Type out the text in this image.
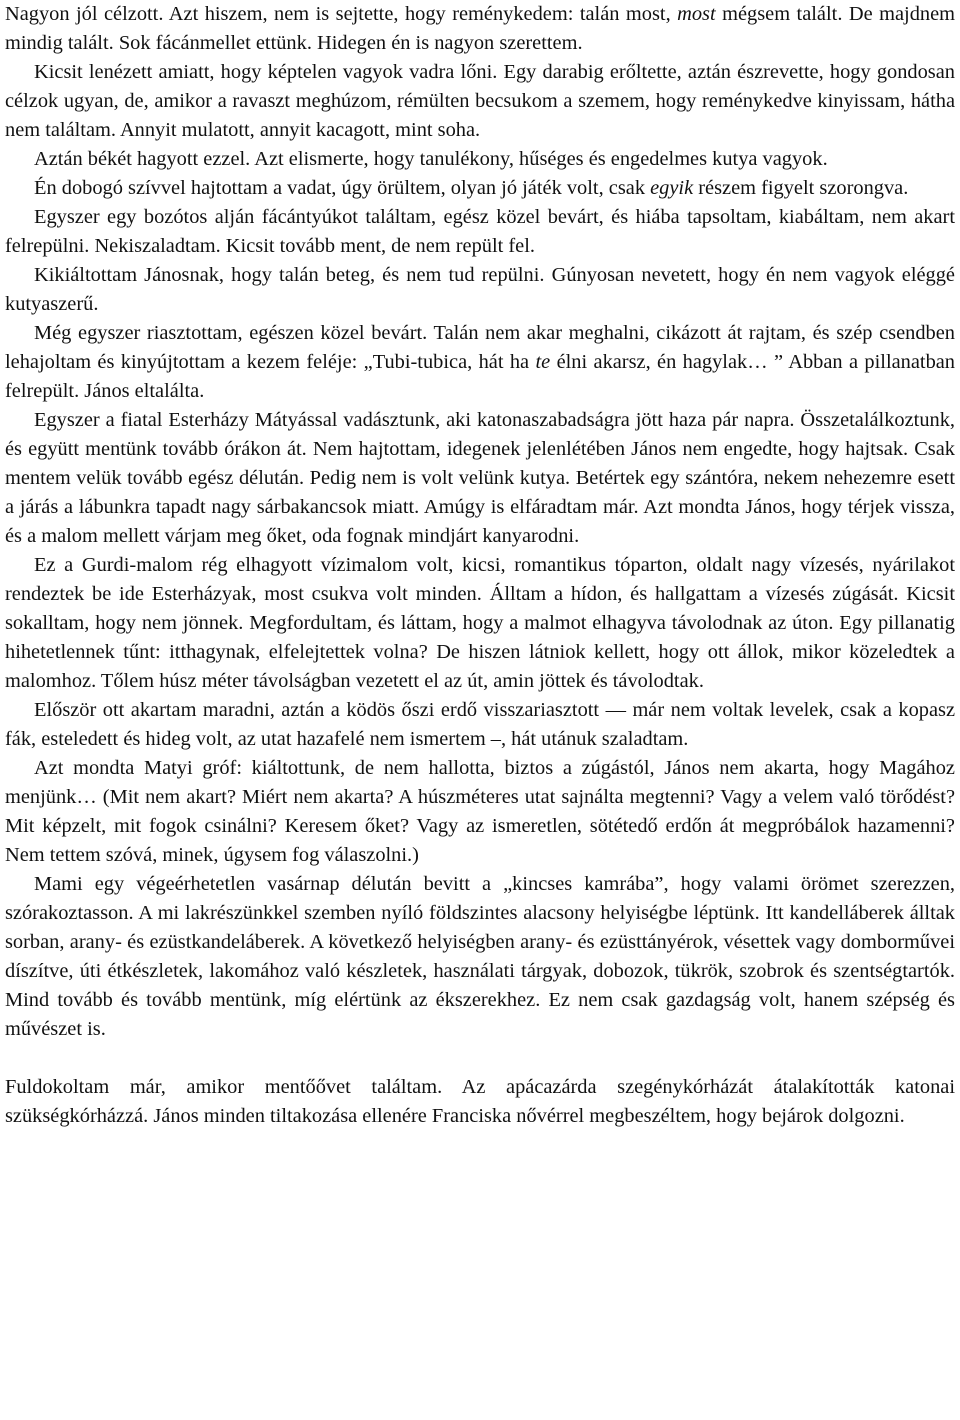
Nagyon jól célzott. Azt hiszem, nem is sejtette, hogy reménykedem: talán most, most mégsem talált. De majdnem mindig talált. Sok fácánmellet ettünk. Hidegen én is nagyon szerettem.

Kicsit lenézett amiatt, hogy képtelen vagyok vadra lőni. Egy darabig erőltette, aztán észrevette, hogy gondosan célzok ugyan, de, amikor a ravaszt meghúzom, rémülten becsukom a szemem, hogy reménykedve kinyissam, hátha nem találtam. Annyit mulatott, annyit kacagott, mint soha.

Aztán békét hagyott ezzel. Azt elismerte, hogy tanulékony, hűséges és engedelmes kutya vagyok.

Én dobogó szívvel hajtottam a vadat, úgy örültem, olyan jó játék volt, csak egyik részem figyelt szorongva.

Egyszer egy bozótos alján fácántyúkot találtam, egész közel bevárt, és hiába tapsoltam, kiabáltam, nem akart felrepülni. Nekiszaladtam. Kicsit tovább ment, de nem repült fel.

Kikiáltottam Jánosnak, hogy talán beteg, és nem tud repülni. Gúnyosan nevetett, hogy én nem vagyok eléggé kutyaszerű.

Még egyszer riasztottam, egészen közel bevárt. Talán nem akar meghalni, cikázott át rajtam, és szép csendben lehajoltam és kinyújtottam a kezem feléje: „Tubi-tubica, hát ha te élni akarsz, én hagylak… ” Abban a pillanatban felrepült. János eltalálta.

Egyszer a fiatal Esterházy Mátyással vadásztunk, aki katonaszabadságra jött haza pár napra. Összetalálkoztunk, és együtt mentünk tovább órákon át. Nem hajtottam, idegenek jelenlétében János nem engedte, hogy hajtsak. Csak mentem velük tovább egész délután. Pedig nem is volt velünk kutya. Betértek egy szántóra, nekem nehezemre esett a járás a lábunkra tapadt nagy sárbakancsok miatt. Amúgy is elfáradtam már. Azt mondta János, hogy térjek vissza, és a malom mellett várjam meg őket, oda fognak mindjárt kanyarodni.

Ez a Gurdi-malom rég elhagyott vízimalom volt, kicsi, romantikus tóparton, oldalt nagy vízesés, nyárilakot rendeztek be ide Esterházyak, most csukva volt minden. Álltam a hídon, és hallgattam a vízesés zúgását. Kicsit sokalltam, hogy nem jönnek. Megfordultam, és láttam, hogy a malmot elhagyva távolodnak az úton. Egy pillanatig hihetetlennek tűnt: itthagynak, elfelejtettek volna? De hiszen látniok kellett, hogy ott állok, mikor közeledtek a malomhoz. Tőlem húsz méter távolságban vezetett el az út, amin jöttek és távolodtak.

Először ott akartam maradni, aztán a ködös őszi erdő visszariasztott — már nem voltak levelek, csak a kopasz fák, esteledett és hideg volt, az utat hazafelé nem ismertem –, hát utánuk szaladtam.

Azt mondta Matyi gróf: kiáltottunk, de nem hallotta, biztos a zúgástól, János nem akarta, hogy Magához menjünk… (Mit nem akart? Miért nem akarta? A húszméteres utat sajnálta megtenni? Vagy a velem való törődést? Mit képzelt, mit fogok csinálni? Keresem őket? Vagy az ismeretlen, sötétedő erdőn át megpróbálok hazamenni? Nem tettem szóvá, minek, úgysem fog válaszolni.)

Mami egy végeérhetetlen vasárnap délután bevitt a „kincses kamrába”, hogy valami örömet szerezzen, szórakoztasson. A mi lakrészünkkel szemben nyíló földszintes alacsony helyiségbe léptünk. Itt kandelláberek álltak sorban, arany- és ezüstkandeláberek. A következő helyiségben arany- és ezüsttányérok, vésettek vagy domborművei díszítve, úti étkészletek, lakomához való készletek, használati tárgyak, dobozok, tükrök, szobrok és szentségtartók. Mind tovább és tovább mentünk, míg elértünk az ékszerekhez. Ez nem csak gazdagság volt, hanem szépség és művészet is.

Fuldokoltam már, amikor mentőővet találtam. Az apácazárda szegénykórházát átalakították katonai szükségkórházzá. János minden tiltakozása ellenére Franciska nővérrel megbeszéltem, hogy bejárok dolgozni.
